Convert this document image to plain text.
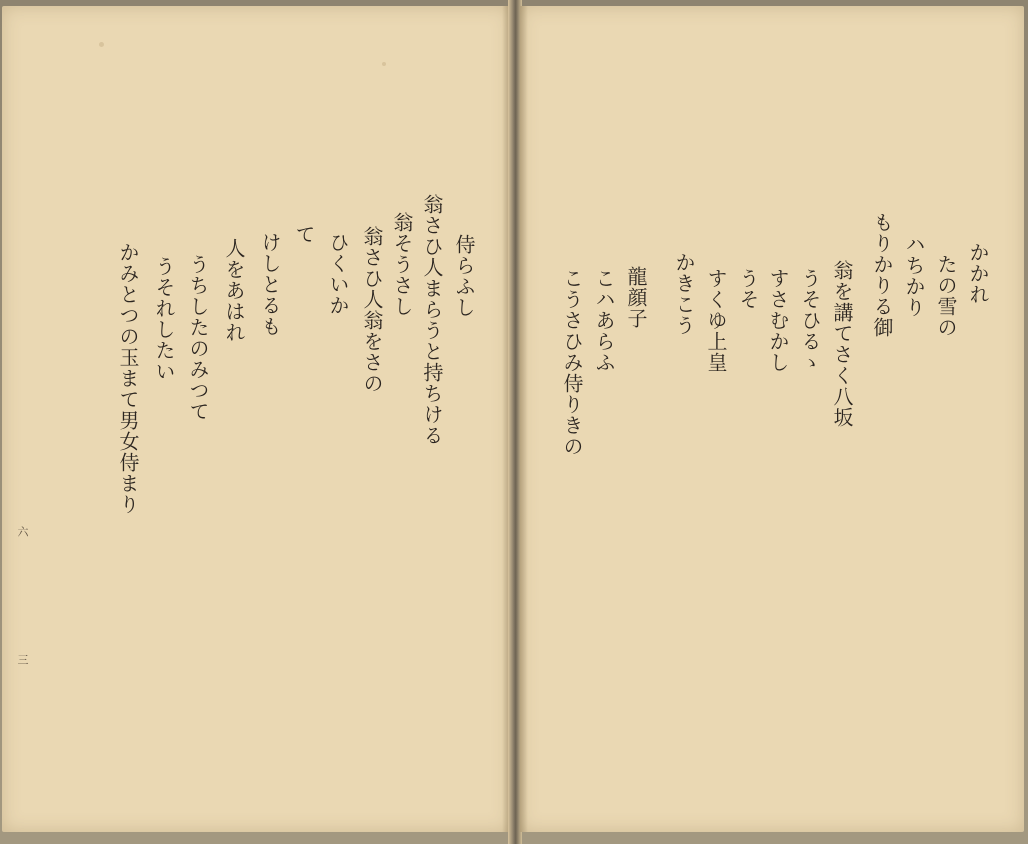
侍らふし
翁さひ人まらうと持ちける
翁そうさし
翁さひ人翁をさの
ひくいか
て
けしとるも
人をあはれ
うちしたのみつて
うそれしたい
かみとつの玉まて男女侍まり
六
三
かかれ
たの雪の
ハちかり
もりかりる御
翁を講てさく八坂
うそひるゝ
すさむかし
うそ
すくゆ上皇
かきこう
龍顔子
こハあらふ
こうさひみ侍りきの
